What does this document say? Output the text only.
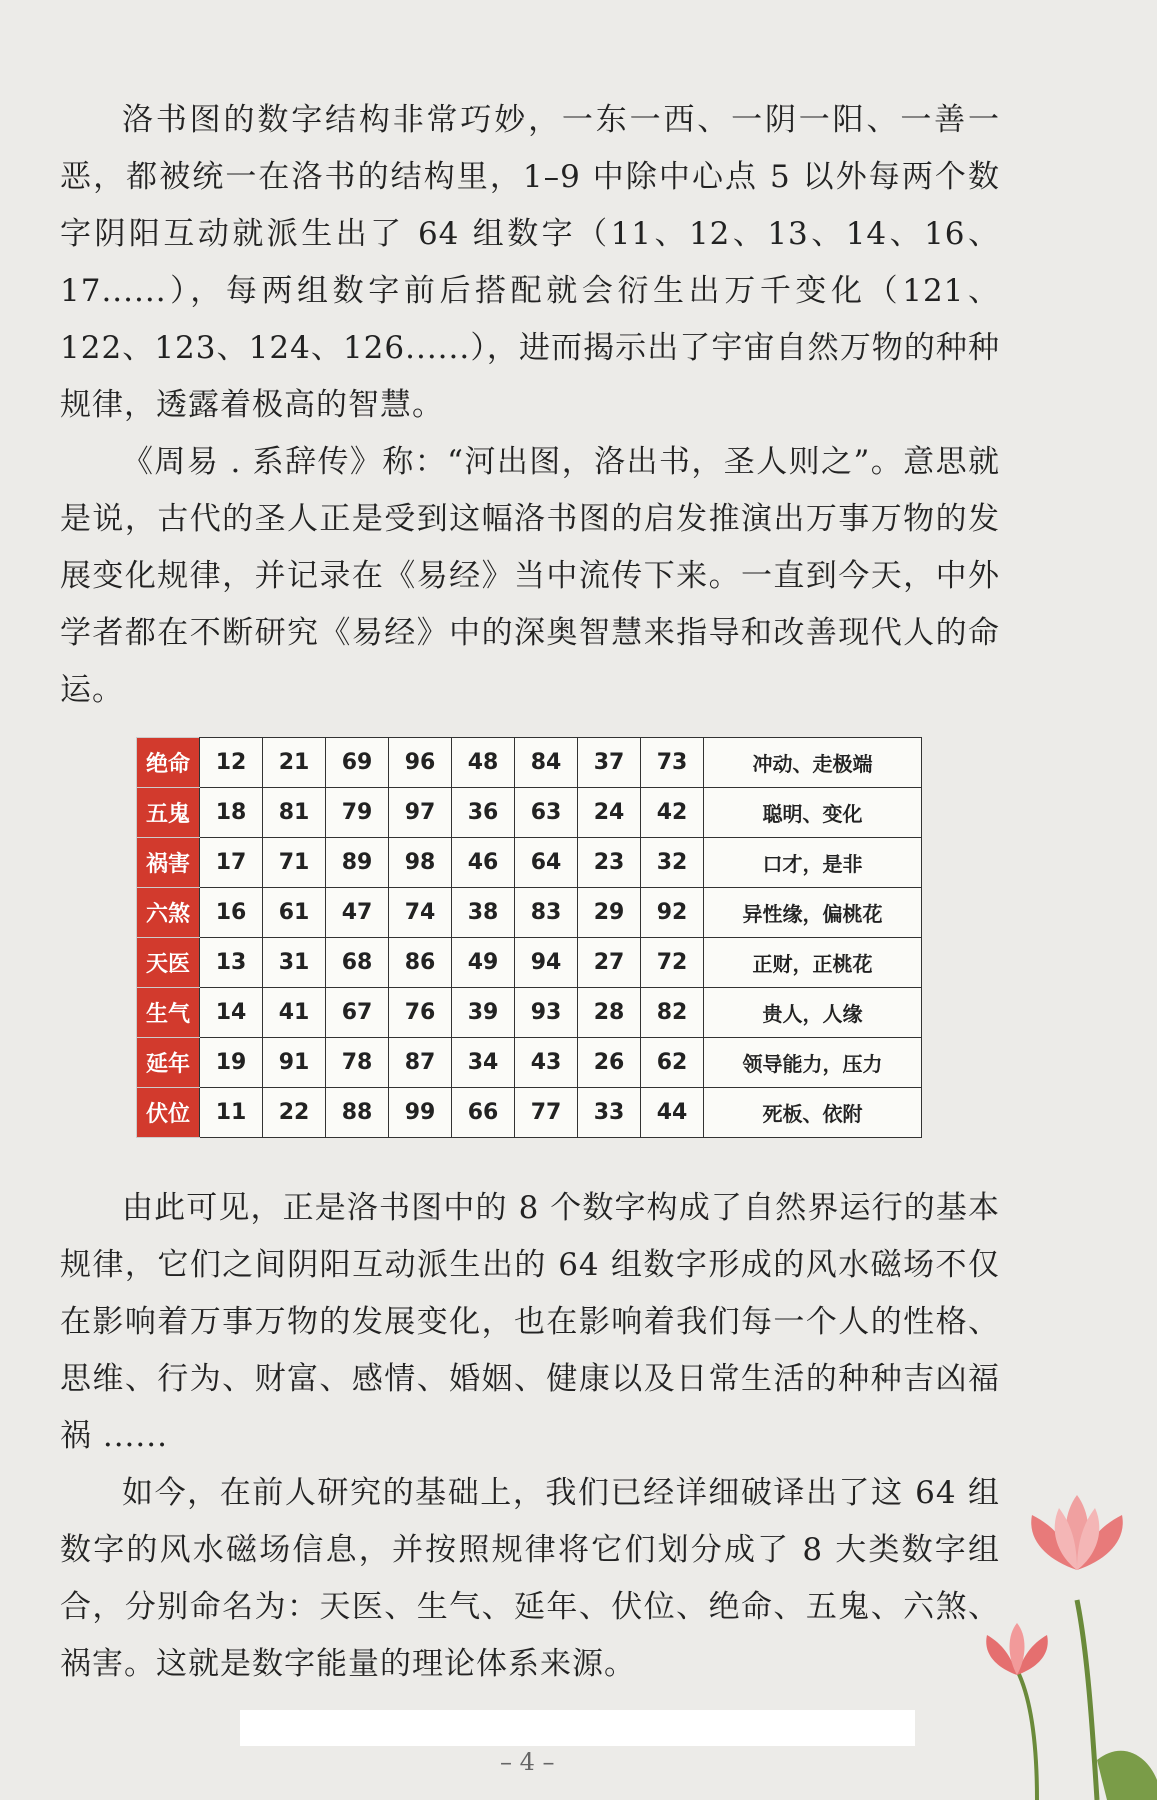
洛书图的数字结构非常巧妙，一东一西、一阴一阳、一善一恶，都被统一在洛书的结构里，1–9 中除中心点 5 以外每两个数字阴阳互动就派生出了 64 组数字（11、12、13、14、16、17......），每两组数字前后搭配就会衍生出万千变化（121、122、123、124、126......），进而揭示出了宇宙自然万物的种种规律，透露着极高的智慧。

《周易 . 系辞传》称：“河出图，洛出书，圣人则之”。意思就是说，古代的圣人正是受到这幅洛书图的启发推演出万事万物的发展变化规律，并记录在《易经》当中流传下来。一直到今天，中外学者都在不断研究《易经》中的深奥智慧来指导和改善现代人的命运。

绝命	12	21	69	96	48	84	37	73	冲动、走极端
五鬼	18	81	79	97	36	63	24	42	聪明、变化
祸害	17	71	89	98	46	64	23	32	口才，是非
六煞	16	61	47	74	38	83	29	92	异性缘，偏桃花
天医	13	31	68	86	49	94	27	72	正财，正桃花
生气	14	41	67	76	39	93	28	82	贵人，人缘
延年	19	91	78	87	34	43	26	62	领导能力，压力
伏位	11	22	88	99	66	77	33	44	死板、依附

由此可见，正是洛书图中的 8 个数字构成了自然界运行的基本规律，它们之间阴阳互动派生出的 64 组数字形成的风水磁场不仅在影响着万事万物的发展变化，也在影响着我们每一个人的性格、思维、行为、财富、感情、婚姻、健康以及日常生活的种种吉凶福祸 ......

如今，在前人研究的基础上，我们已经详细破译出了这 64 组数字的风水磁场信息，并按照规律将它们划分成了 8 大类数字组合，分别命名为：天医、生气、延年、伏位、绝命、五鬼、六煞、祸害。这就是数字能量的理论体系来源。

– 4 –
